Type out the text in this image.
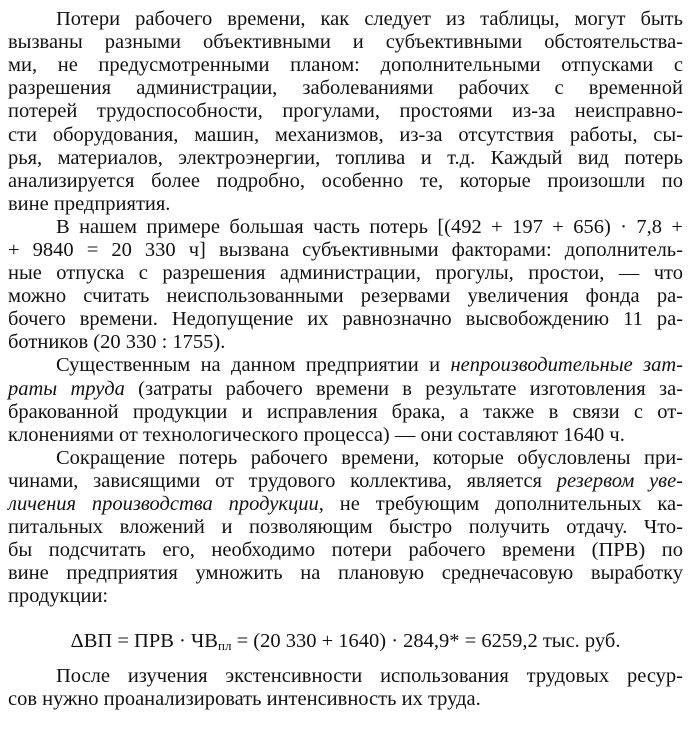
Потери рабочего времени, как следует из таблицы, могут быть
вызваны разными объективными и субъективными обстоятельства-
ми, не предусмотренными планом: дополнительными отпусками с
разрешения администрации, заболеваниями рабочих с временной
потерей трудоспособности, прогулами, простоями из-за неисправно-
сти оборудования, машин, механизмов, из-за отсутствия работы, сы-
рья, материалов, электроэнергии, топлива и т.д. Каждый вид потерь
анализируется более подробно, особенно те, которые произошли по
вине предприятия.
В нашем примере большая часть потерь [(492 + 197 + 656) · 7,8 +
+ 9840 = 20 330 ч] вызвана субъективными факторами: дополнитель-
ные отпуска с разрешения администрации, прогулы, простои, — что
можно считать неиспользованными резервами увеличения фонда ра-
бочего времени. Недопущение их равнозначно высвобождению 11 ра-
ботников (20 330 : 1755).
Существенным на данном предприятии и непроизводительные зат-
раты труда (затраты рабочего времени в результате изготовления за-
бракованной продукции и исправления брака, а также в связи с от-
клонениями от технологического процесса) — они составляют 1640 ч.
Сокращение потерь рабочего времени, которые обусловлены при-
чинами, зависящими от трудового коллектива, является резервом уве-
личения производства продукции, не требующим дополнительных ка-
питальных вложений и позволяющим быстро получить отдачу. Что-
бы подсчитать его, необходимо потери рабочего времени (ПРВ) по
вине предприятия умножить на плановую среднечасовую выработку
продукции:
ΔВП = ПРВ · $ЧВ_{пл} = (20$ 330 + 1640) · 284,9* = 6259,2 тыс. руб.
После изучения экстенсивности использования трудовых ресур-
сов нужно проанализировать интенсивность их труда.
